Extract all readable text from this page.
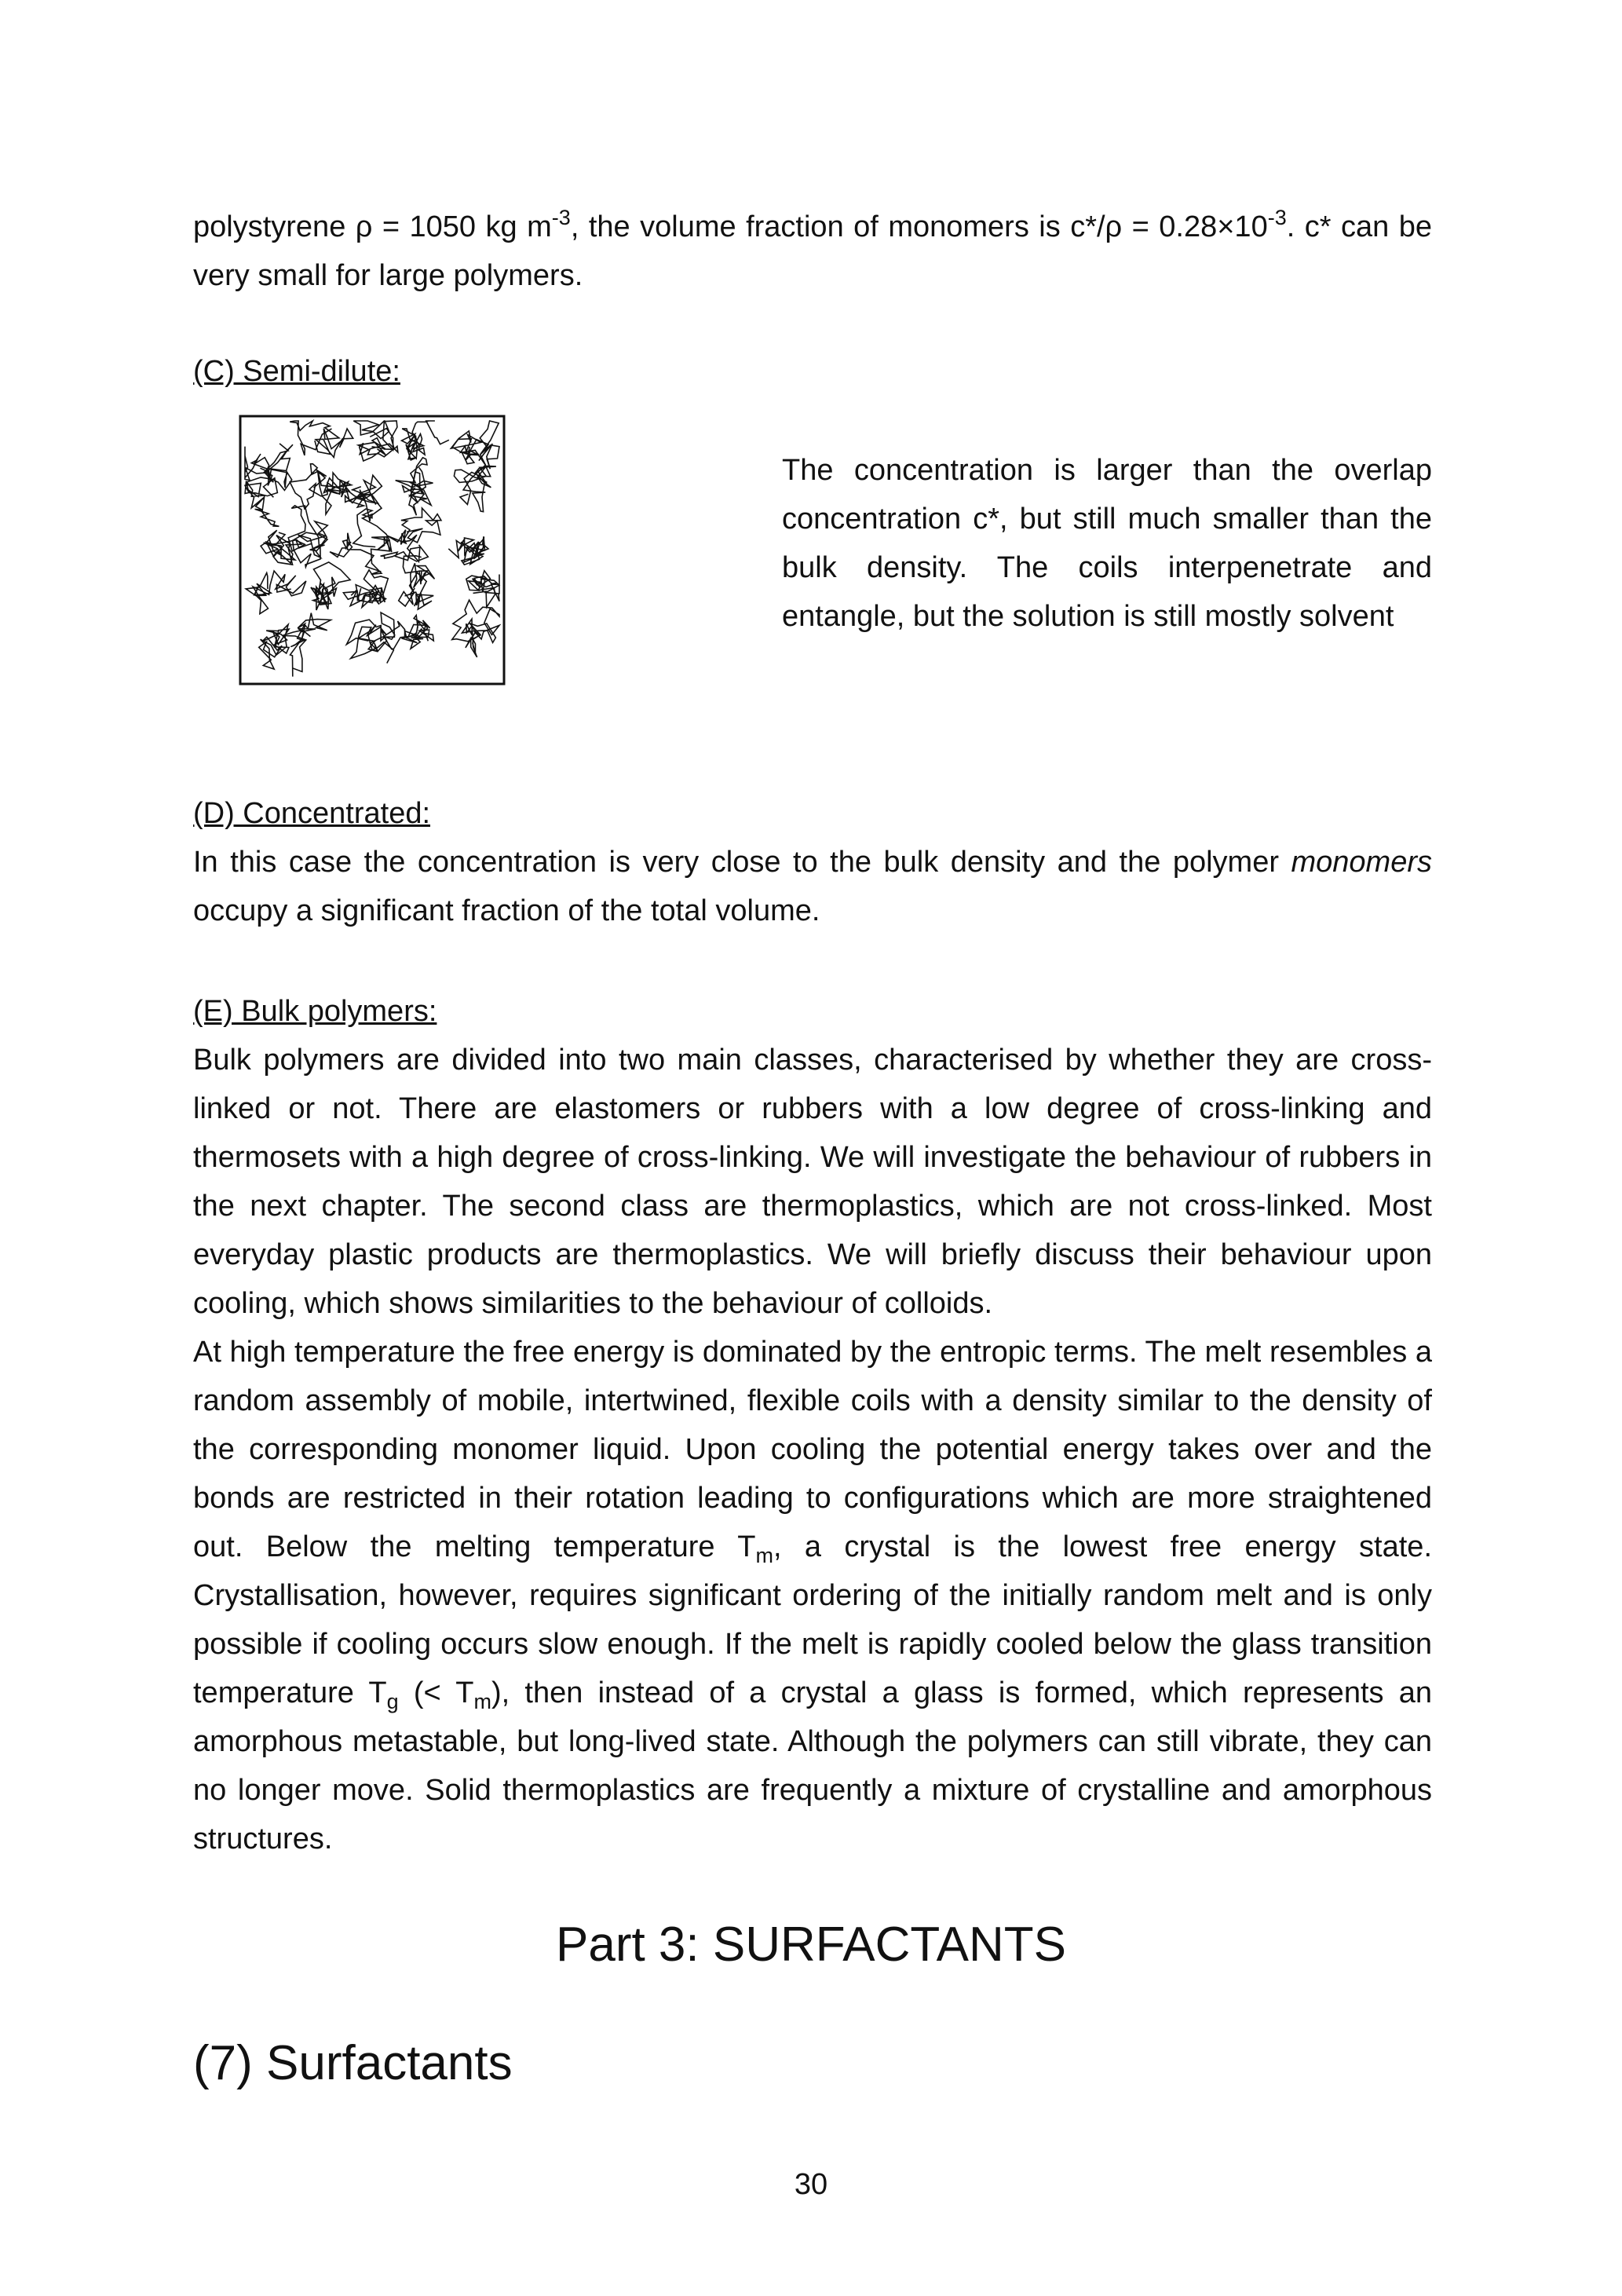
polystyrene ρ = 1050 kg $m^{-3}$, the volume fraction of monomers is $c*/\rho = 0.28\times 10^{-3}$. c* can be very small for large polymers.

(C) Semi-dilute:

The concentration is larger than the overlap concentration c*, but still much smaller than the bulk density. The coils interpenetrate and entangle, but the solution is still mostly solvent

(D) Concentrated:

In this case the concentration is very close to the bulk density and the polymer monomers occupy a significant fraction of the total volume.

(E) Bulk polymers:

Bulk polymers are divided into two main classes, characterised by whether they are cross-linked or not. There are elastomers or rubbers with a low degree of cross-linking and thermosets with a high degree of cross-linking. We will investigate the behaviour of rubbers in the next chapter. The second class are thermoplastics, which are not cross-linked. Most everyday plastic products are thermoplastics. We will briefly discuss their behaviour upon cooling, which shows similarities to the behaviour of colloids.
At high temperature the free energy is dominated by the entropic terms. The melt resembles a random assembly of mobile, intertwined, flexible coils with a density similar to the density of the corresponding monomer liquid. Upon cooling the potential energy takes over and the bonds are restricted in their rotation leading to configurations which are more straightened out. Below the melting temperature $T_m$, a crystal is the lowest free energy state. Crystallisation, however, requires significant ordering of the initially random melt and is only possible if cooling occurs slow enough. If the melt is rapidly cooled below the glass transition temperature $T_g$ (< $T_m$), then instead of a crystal a glass is formed, which represents an amorphous metastable, but long-lived state. Although the polymers can still vibrate, they can no longer move. Solid thermoplastics are frequently a mixture of crystalline and amorphous structures.
Part 3: SURFACTANTS
(7) Surfactants
30
